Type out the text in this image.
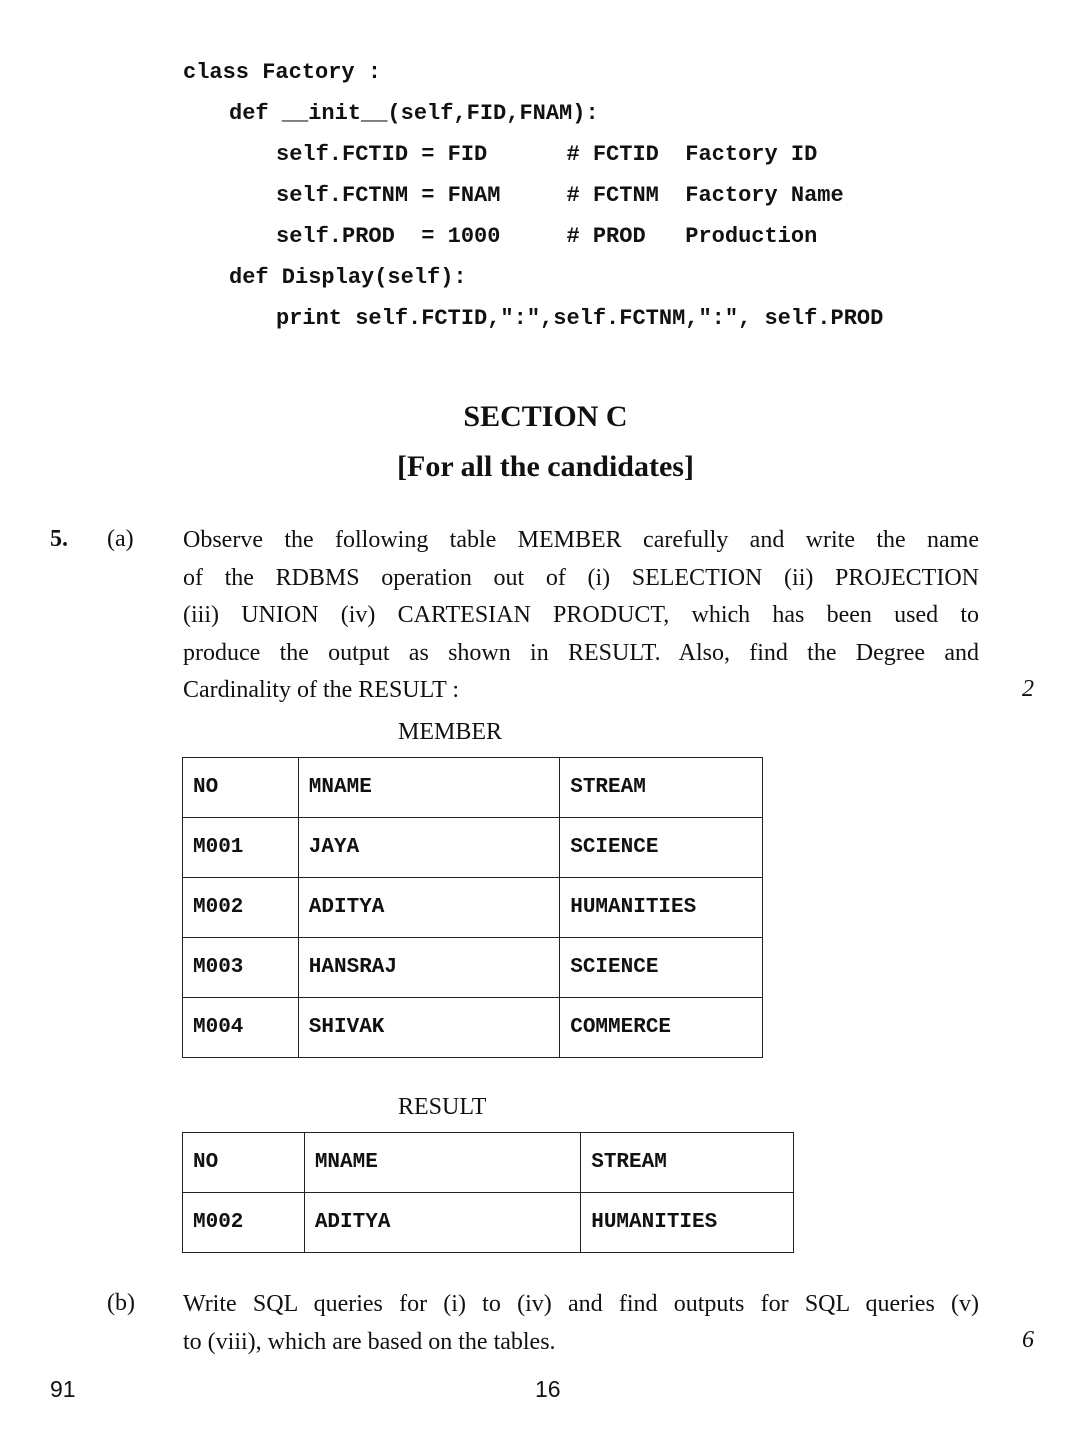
class Factory :
def __init__(self,FID,FNAM):
self.FCTID = FID      # FCTID  Factory ID
self.FCTNM = FNAM     # FCTNM  Factory Name
self.PROD  = 1000     # PROD   Production
def Display(self):
print self.FCTID,":",self.FCTNM,":", self.PROD
SECTION C
[For all the candidates]
5. (a) Observe the following table MEMBER carefully and write the name
of the RDBMS operation out of (i) SELECTION (ii) PROJECTION
(iii) UNION (iv) CARTESIAN PRODUCT, which has been used to
produce the output as shown in RESULT. Also, find the Degree and
Cardinality of the RESULT :	2
MEMBER
NO	MNAME	STREAM
M001	JAYA	SCIENCE
M002	ADITYA	HUMANITIES
M003	HANSRAJ	SCIENCE
M004	SHIVAK	COMMERCE
RESULT
NO	MNAME	STREAM
M002	ADITYA	HUMANITIES
(b) Write SQL queries for (i) to (iv) and find outputs for SQL queries (v)
to (viii), which are based on the tables.	6
91	16
